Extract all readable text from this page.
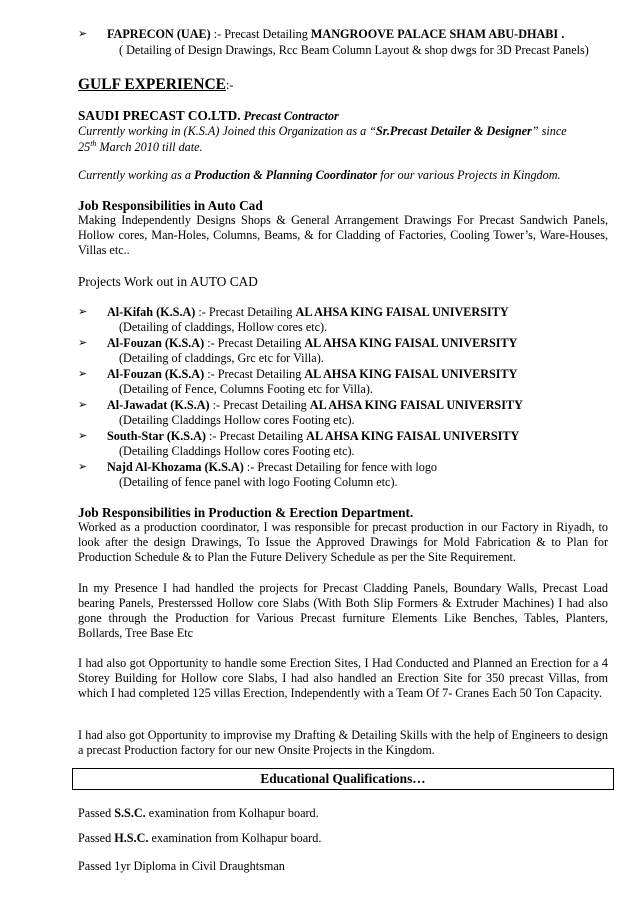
➢	FAPRECON (UAE) :- Precast Detailing MANGROOVE PALACE SHAM ABU-DHABI .
( Detailing of Design Drawings, Rcc Beam Column Layout & shop dwgs for 3D Precast Panels)
GULF EXPERIENCE:-
SAUDI PRECAST CO.LTD. Precast Contractor
Currently working in (K.S.A) Joined this Organization as a “Sr.Precast Detailer & Designer” since
25th March 2010 till date.
Currently working as a Production & Planning Coordinator for our various Projects in Kingdom.
Job Responsibilities in Auto Cad
Making Independently Designs Shops & General Arrangement Drawings For Precast Sandwich Panels, Hollow cores, Man-Holes, Columns, Beams, & for Cladding of Factories, Cooling Tower’s, Ware-Houses, Villas etc..
Projects Work out in AUTO CAD
➢	Al-Kifah (K.S.A) :- Precast Detailing AL AHSA KING FAISAL UNIVERSITY
(Detailing of claddings, Hollow cores etc).
➢	Al-Fouzan (K.S.A) :- Precast Detailing AL AHSA KING FAISAL UNIVERSITY
(Detailing of claddings, Grc etc for Villa).
➢	Al-Fouzan (K.S.A) :- Precast Detailing AL AHSA KING FAISAL UNIVERSITY
(Detailing of Fence, Columns Footing etc for Villa).
➢	Al-Jawadat (K.S.A) :- Precast Detailing AL AHSA KING FAISAL UNIVERSITY
(Detailing Claddings Hollow cores Footing etc).
➢	South-Star (K.S.A) :- Precast Detailing AL AHSA KING FAISAL UNIVERSITY
(Detailing Claddings Hollow cores Footing etc).
➢	Najd Al-Khozama (K.S.A) :- Precast Detailing for fence with logo
(Detailing of fence panel with logo Footing Column etc).
Job Responsibilities in Production & Erection Department.
Worked as a production coordinator, I was responsible for precast production in our Factory in Riyadh, to look after the design Drawings, To Issue the Approved Drawings for Mold Fabrication & to Plan for Production Schedule & to Plan the Future Delivery Schedule as per the Site Requirement.
In my Presence I had handled the projects for Precast Cladding Panels, Boundary Walls, Precast Load bearing Panels, Presterssed Hollow core Slabs (With Both Slip Formers & Extruder Machines) I had also gone through the Production for Various Precast furniture Elements Like Benches, Tables, Planters, Bollards, Tree Base Etc
I had also got Opportunity to handle some Erection Sites, I Had Conducted and Planned an Erection for a 4 Storey Building for Hollow core Slabs, I had also handled an Erection Site for 350 precast Villas, from which I had completed 125 villas Erection, Independently with a Team Of 7- Cranes Each 50 Ton Capacity.
I had also got Opportunity to improvise my Drafting & Detailing Skills with the help of Engineers to design a precast Production factory for our new Onsite Projects in the Kingdom.
Educational Qualifications…
Passed S.S.C. examination from Kolhapur board.
Passed H.S.C. examination from Kolhapur board.
Passed 1yr Diploma in Civil Draughtsman
